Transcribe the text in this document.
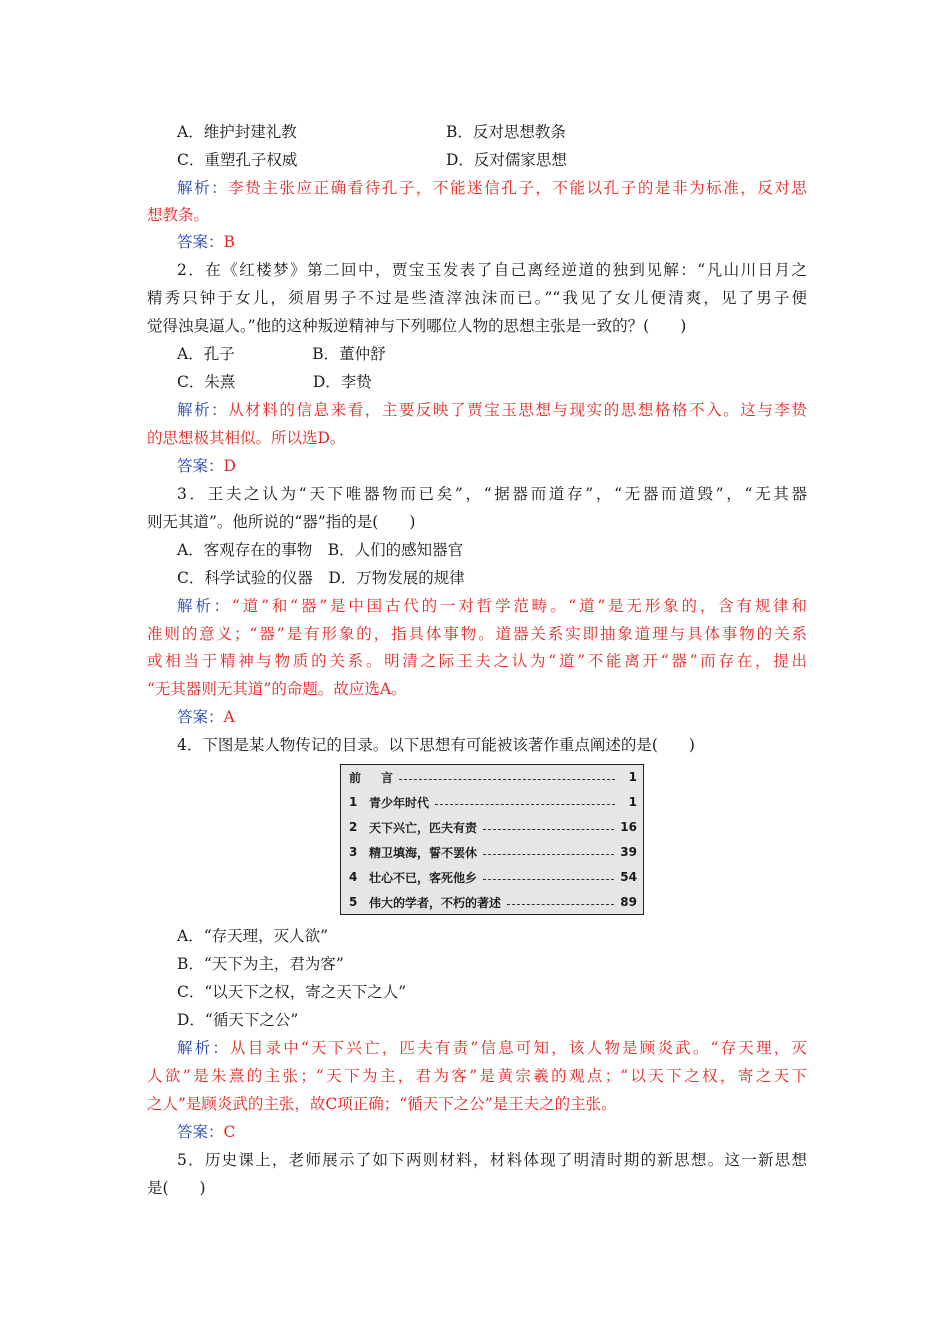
A．维护封建礼教	B．反对思想教条
C．重塑孔子权威	D．反对儒家思想
解析：李贽主张应正确看待孔子，不能迷信孔子，不能以孔子的是非为标准，反对思
想教条。
答案：B
2．在《红楼梦》第二回中，贾宝玉发表了自己离经逆道的独到见解：“凡山川日月之
精秀只钟于女儿，须眉男子不过是些渣滓浊沫而已。”“我见了女儿便清爽，见了男子便
觉得浊臭逼人。”他的这种叛逆精神与下列哪位人物的思想主张是一致的？(　　)
A．孔子　　　　　B．董仲舒
C．朱熹　　　　　D．李贽
解析：从材料的信息来看，主要反映了贾宝玉思想与现实的思想格格不入。这与李贽
的思想极其相似。所以选D。
答案：D
3．王夫之认为“天下唯器物而已矣”，“据器而道存”，“无器而道毁”，“无其器
则无其道”。他所说的“器”指的是(　　)
A．客观存在的事物　B．人们的感知器官
C．科学试验的仪器　D．万物发展的规律
解析：“道”和“器”是中国古代的一对哲学范畴。“道”是无形象的，含有规律和
准则的意义；“器”是有形象的，指具体事物。道器关系实即抽象道理与具体事物的关系
或相当于精神与物质的关系。明清之际王夫之认为“道”不能离开“器”而存在，提出
“无其器则无其道”的命题。故应选A。
答案：A
4．下图是某人物传记的目录。以下思想有可能被该著作重点阐述的是(　　)
前 　言	1
1 青少年时代	1
2 天下兴亡，匹夫有责	16
3 精卫填海，誓不罢休	39
4 壮心不已，客死他乡	54
5 伟大的学者，不朽的著述	89
A．“存天理，灭人欲”
B．“天下为主，君为客”
C．“以天下之权，寄之天下之人”
D．“循天下之公”
解析：从目录中“天下兴亡，匹夫有责”信息可知，该人物是顾炎武。“存天理，灭
人欲”是朱熹的主张；“天下为主，君为客”是黄宗羲的观点；“以天下之权，寄之天下
之人”是顾炎武的主张，故C项正确；“循天下之公”是王夫之的主张。
答案：C
5．历史课上，老师展示了如下两则材料，材料体现了明清时期的新思想。这一新思想
是(　　)
